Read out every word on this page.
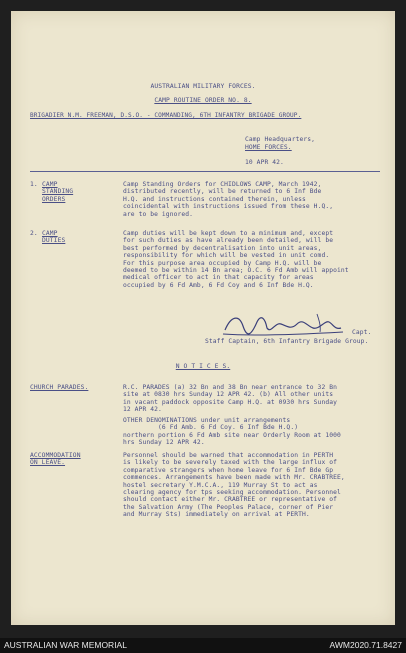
AUSTRALIAN MILITARY FORCES.
CAMP ROUTINE ORDER NO. 8.
BRIGADIER N.M. FREEMAN, D.S.O. - COMMANDING, 6TH INFANTRY BRIGADE GROUP.
Camp Headquarters,
HOME FORCES.
10 APR 42.
1. CAMP
STANDING
ORDERS
Camp Standing Orders for CHIDLOWS CAMP, March 1942,
distributed recently, will be returned to 6 Inf Bde
H.Q. and instructions contained therein, unless
coincidental with instructions issued from these H.Q.,
are to be ignored.
2. CAMP
DUTIES
Camp duties will be kept down to a minimum and, except
for such duties as have already been detailed, will be
best performed by decentralisation into unit areas,
responsibility for which will be vested in unit comd.
For this purpose area occupied by Camp H.Q. will be
deemed to be within 14 Bn area; O.C. 6 Fd Amb will appoint
medical officer to act in that capacity for areas
occupied by 6 Fd Amb, 6 Fd Coy and 6 Inf Bde H.Q.
Capt.
Staff Captain, 6th Infantry Brigade Group.
N O T I C E S.
CHURCH PARADES.	R.C. PARADES (a) 32 Bn and 38 Bn near entrance to 32 Bn
site at 0830 hrs Sunday 12 APR 42. (b) All other units
in vacant paddock opposite Camp H.Q. at 0930 hrs Sunday
12 APR 42.
OTHER DENOMINATIONS under unit arrangements
(6 Fd Amb. 6 Fd Coy. 6 Inf Bde H.Q.)
northern portion 6 Fd Amb site near Orderly Room at 1000
hrs Sunday 12 APR 42.
ACCOMMODATION
ON LEAVE.
Personnel should be warned that accommodation in PERTH
is likely to be severely taxed with the large influx of
comparative strangers when home leave for 6 Inf Bde Gp
commences. Arrangements have been made with Mr. CRABTREE,
hostel secretary Y.M.C.A., 119 Murray St to act as
clearing agency for tps seeking accommodation. Personnel
should contact either Mr. CRABTREE or representative of
the Salvation Army (The Peoples Palace, corner of Pier
and Murray Sts) immediately on arrival at PERTH.
AUSTRALIAN WAR MEMORIAL	AWM2020.71.8427
